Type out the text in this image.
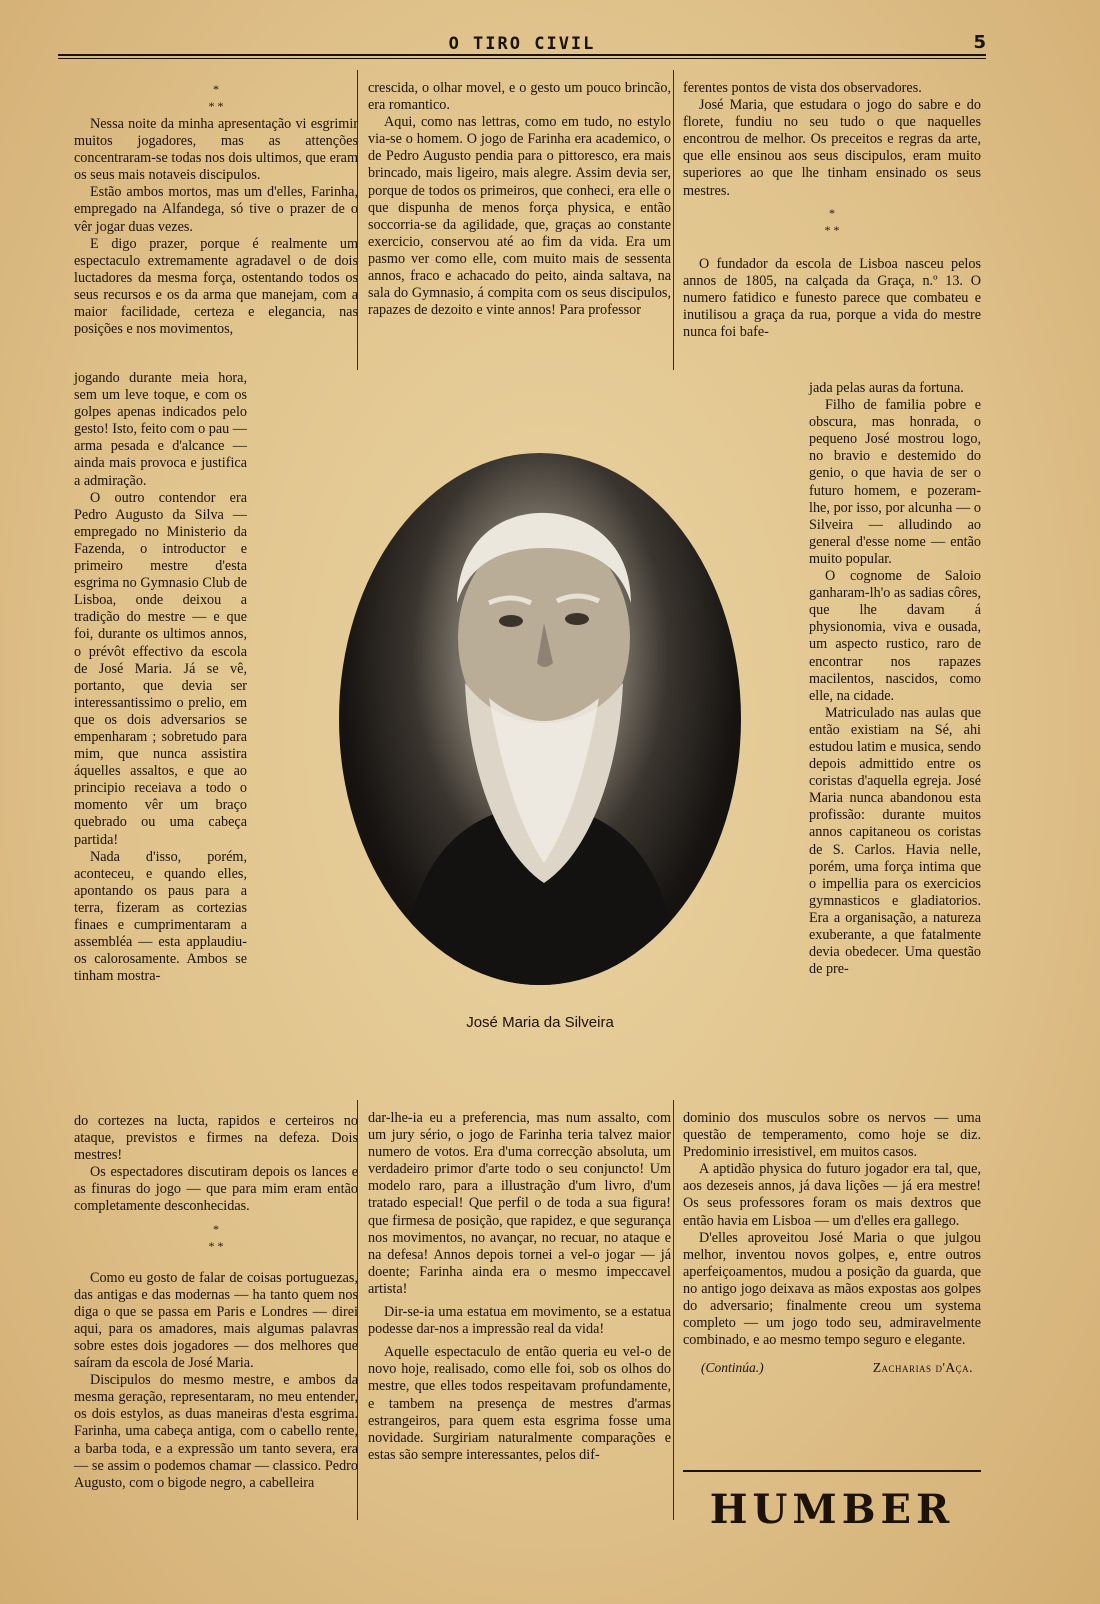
O TIRO CIVIL	5
*
* *

Nessa noite da minha apresentação vi esgrimir muitos jogadores, mas as attenções concentraram-se todas nos dois ultimos, que eram os seus mais notaveis discipulos.

Estão ambos mortos, mas um d'elles, Farinha, empregado na Alfandega, só tive o prazer de o vêr jogar duas vezes.

E digo prazer, porque é realmente um espectaculo extremamente agradavel o de dois luctadores da mesma força, ostentando todos os seus recursos e os da arma que manejam, com a maior facilidade, certeza e elegancia, nas posições e nos movimentos,

jogando durante meia hora, sem um leve toque, e com os golpes apenas indicados pelo gesto! Isto, feito com o pau — arma pesada e d'alcance — ainda mais provoca e justifica a admiração.

O outro contendor era Pedro Augusto da Silva — empregado no Ministerio da Fazenda, o introductor e primeiro mestre d'esta esgrima no Gymnasio Club de Lisboa, onde deixou a tradição do mestre — e que foi, durante os ultimos annos, o prévôt effectivo da escola de José Maria. Já se vê, portanto, que devia ser interessantissimo o prelio, em que os dois adversarios se empenharam ; sobretudo para mim, que nunca assistira áquelles assaltos, e que ao principio receiava a todo o momento vêr um braço quebrado ou uma cabeça partida!

Nada d'isso, porém, aconteceu, e quando elles, apontando os paus para a terra, fizeram as cortezias finaes e cumprimentaram a assembléa — esta applaudiu-os calorosamente. Ambos se tinham mostra-

do cortezes na lucta, rapidos e certeiros no ataque, previstos e firmes na defeza. Dois mestres!

Os espectadores discutiram depois os lances e as finuras do jogo — que para mim eram então completamente desconhecidas.

*
* *

Como eu gosto de falar de coisas portuguezas, das antigas e das modernas — ha tanto quem nos diga o que se passa em Paris e Londres — direi aqui, para os amadores, mais algumas palavras sobre estes dois jogadores — dos melhores que saíram da escola de José Maria.

Discipulos do mesmo mestre, e ambos da mesma geração, representaram, no meu entender, os dois estylos, as duas maneiras d'esta esgrima. Farinha, uma cabeça antiga, com o cabello rente, a barba toda, e a expressão um tanto severa, era — se assim o podemos chamar — classico. Pedro Augusto, com o bigode negro, a cabelleira

crescida, o olhar movel, e o gesto um pouco brincão, era romantico.

Aqui, como nas lettras, como em tudo, no estylo via-se o homem. O jogo de Farinha era academico, o de Pedro Augusto pendia para o pittoresco, era mais brincado, mais ligeiro, mais alegre. Assim devia ser, porque de todos os primeiros, que conheci, era elle o que dispunha de menos força physica, e então soccorria-se da agilidade, que, graças ao constante exercicio, conservou até ao fim da vida. Era um pasmo ver como elle, com muito mais de sessenta annos, fraco e achacado do peito, ainda saltava, na sala do Gymnasio, á compita com os seus discipulos, rapazes de dezoito e vinte annos! Para professor

José Maria da Silveira

dar-lhe-ia eu a preferencia, mas num assalto, com um jury sério, o jogo de Farinha teria talvez maior numero de votos. Era d'uma correcção absoluta, um verdadeiro primor d'arte todo o seu conjuncto! Um modelo raro, para a illustração d'um livro, d'um tratado especial! Que perfil o de toda a sua figura! que firmesa de posição, que rapidez, e que segurança nos movimentos, no avançar, no recuar, no ataque e na defesa! Annos depois tornei a vel-o jogar — já doente; Farinha ainda era o mesmo impeccavel artista!

Dir-se-ia uma estatua em movimento, se a estatua podesse dar-nos a impressão real da vida!

Aquelle espectaculo de então queria eu vel-o de novo hoje, realisado, como elle foi, sob os olhos do mestre, que elles todos respeitavam profundamente, e tambem na presença de mestres d'armas estrangeiros, para quem esta esgrima fosse uma novidade. Surgiriam naturalmente comparações e estas são sempre interessantes, pelos dif-

ferentes pontos de vista dos observadores.

José Maria, que estudara o jogo do sabre e do florete, fundiu no seu tudo o que naquelles encontrou de melhor. Os preceitos e regras da arte, que elle ensinou aos seus discipulos, eram muito superiores ao que lhe tinham ensinado os seus mestres.

*
* *

O fundador da escola de Lisboa nasceu pelos annos de 1805, na calçada da Graça, n.º 13. O numero fatidico e funesto parece que combateu e inutilisou a graça da rua, porque a vida do mestre nunca foi bafe-

jada pelas auras da fortuna.

Filho de familia pobre e obscura, mas honrada, o pequeno José mostrou logo, no bravio e destemido do genio, o que havia de ser o futuro homem, e pozeram-lhe, por isso, por alcunha — o Silveira — alludindo ao general d'esse nome — então muito popular.

O cognome de Saloio ganharam-lh'o as sadias côres, que lhe davam á physionomia, viva e ousada, um aspecto rustico, raro de encontrar nos rapazes macilentos, nascidos, como elle, na cidade.

Matriculado nas aulas que então existiam na Sé, ahi estudou latim e musica, sendo depois admittido entre os coristas d'aquella egreja. José Maria nunca abandonou esta profissão: durante muitos annos capitaneou os coristas de S. Carlos. Havia nelle, porém, uma força intima que o impellia para os exercicios gymnasticos e gladiatorios. Era a organisação, a natureza exuberante, a que fatalmente devia obedecer. Uma questão de pre-

dominio dos musculos sobre os nervos — uma questão de temperamento, como hoje se diz. Predominio irresistivel, em muitos casos.

A aptidão physica do futuro jogador era tal, que, aos dezeseis annos, já dava lições — já era mestre! Os seus professores foram os mais dextros que então havia em Lisboa — um d'elles era gallego.

D'elles aproveitou José Maria o que julgou melhor, inventou novos golpes, e, entre outros aperfeiçoamentos, mudou a posição da guarda, que no antigo jogo deixava as mãos expostas aos golpes do adversario; finalmente creou um systema completo — um jogo todo seu, admiravelmente combinado, e ao mesmo tempo seguro e elegante.

(Continúa.)	Zacharias d'Aça.
HUMBER
